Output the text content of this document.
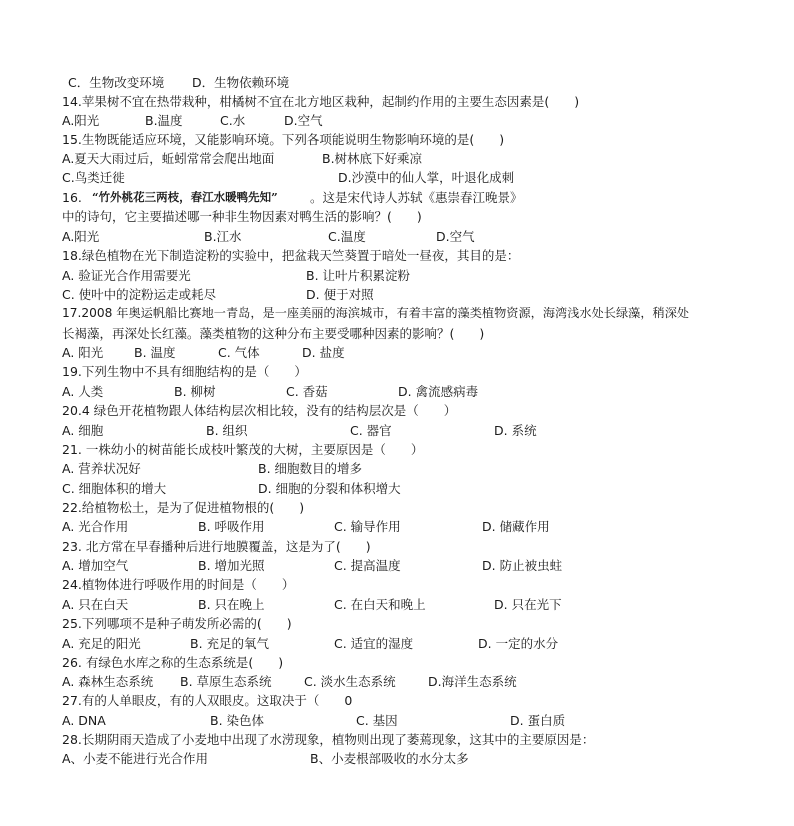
C．生物改变环境 D．生物依赖环境
14.苹果树不宜在热带栽种，柑橘树不宜在北方地区栽种，起制约作用的主要生态因素是(　　)
A.阳光	B.温度	C.水	D.空气
15.生物既能适应环境，又能影响环境。下列各项能说明生物影响环境的是(　　)
A.夏天大雨过后，蚯蚓常常会爬出地面	B.树林底下好乘凉
C.鸟类迁徙	D.沙漠中的仙人掌，叶退化成刺
16. “竹外桃花三两枝，春江水暖鸭先知”	。这是宋代诗人苏轼《惠崇春江晚景》
中的诗句，它主要描述哪一种非生物因素对鸭生活的影响？(　　)
A.阳光	B.江水	C.温度	D.空气
18.绿色植物在光下制造淀粉的实验中，把盆栽天竺葵置于暗处一昼夜，其目的是：
A. 验证光合作用需要光	B. 让叶片积累淀粉
C. 使叶中的淀粉运走或耗尽	D. 便于对照
17.2008 年奥运帆船比赛地一青岛，是一座美丽的海滨城市，有着丰富的藻类植物资源，海湾浅水处长绿藻，稍深处
长褐藻，再深处长红藻。藻类植物的这种分布主要受哪种因素的影响？(　　)
A. 阳光 B. 温度	C. 气体	D. 盐度
19.下列生物中不具有细胞结构的是（　　）
A. 人类	B. 柳树	C. 香菇	D. 禽流感病毒
20.4 绿色开花植物跟人体结构层次相比较，没有的结构层次是（　　）
A. 细胞	B. 组织	C. 器官	D. 系统
21. 一株幼小的树苗能长成枝叶繁茂的大树，主要原因是（　　）
A. 营养状况好	B. 细胞数目的增多
C. 细胞体积的增大	D. 细胞的分裂和体积增大
22.给植物松土，是为了促进植物根的(　　)
A. 光合作用	B. 呼吸作用	C. 输导作用	D. 储藏作用
23. 北方常在早春播种后进行地膜覆盖，这是为了(　　)
A. 增加空气	B. 增加光照	C. 提高温度	D. 防止被虫蛀
24.植物体进行呼吸作用的时间是（　　）
A. 只在白天	B. 只在晚上	C. 在白天和晚上	D. 只在光下
25.下列哪项不是种子萌发所必需的(　　)
A. 充足的阳光	B. 充足的氧气	C. 适宜的湿度	D. 一定的水分
26. 有绿色水库之称的生态系统是(　　)
A. 森林生态系统 B. 草原生态系统	C. 淡水生态系统	D.海洋生态系统
27.有的人单眼皮，有的人双眼皮。这取决于（　　0
A. DNA	B. 染色体	C. 基因	D. 蛋白质
28.长期阴雨天造成了小麦地中出现了水涝现象，植物则出现了萎蔫现象，这其中的主要原因是：
A、小麦不能进行光合作用	B、小麦根部吸收的水分太多
